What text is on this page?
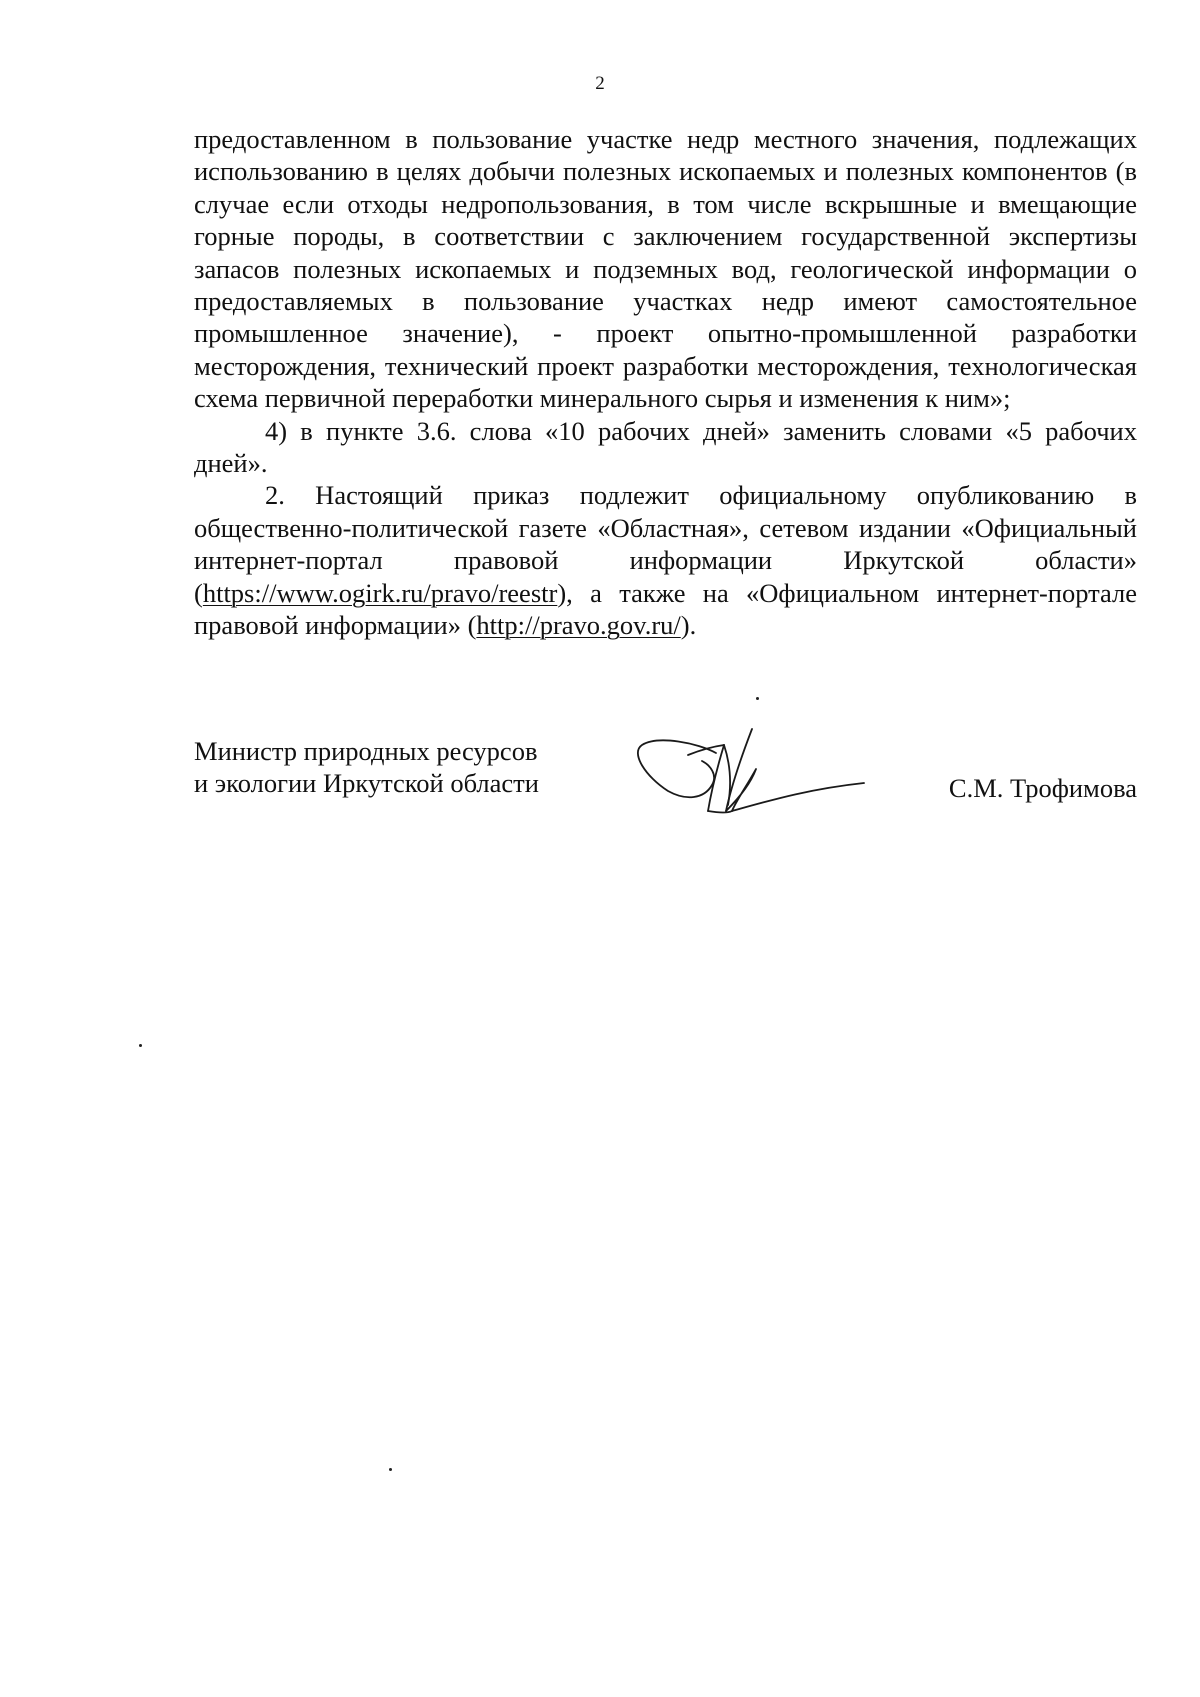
2

предоставленном в пользование участке недр местного значения, подлежащих использованию в целях добычи полезных ископаемых и полезных компонентов (в случае если отходы недропользования, в том числе вскрышные и вмещающие горные породы, в соответствии с заключением государственной экспертизы запасов полезных ископаемых и подземных вод, геологической информации о предоставляемых в пользование участках недр имеют самостоятельное промышленное значение), - проект опытно-промышленной разработки месторождения, технический проект разработки месторождения, технологическая схема первичной переработки минерального сырья и изменения к ним»;

4) в пункте 3.6. слова «10 рабочих дней» заменить словами «5 рабочих дней».

2. Настоящий приказ подлежит официальному опубликованию в общественно-политической газете «Областная», сетевом издании «Официальный интернет-портал правовой информации Иркутской области» (https://www.ogirk.ru/pravo/reestr), а также на «Официальном интернет-портале правовой информации» (http://pravo.gov.ru/).

Министр природных ресурсов
и экологии Иркутской области	С.М. Трофимова
